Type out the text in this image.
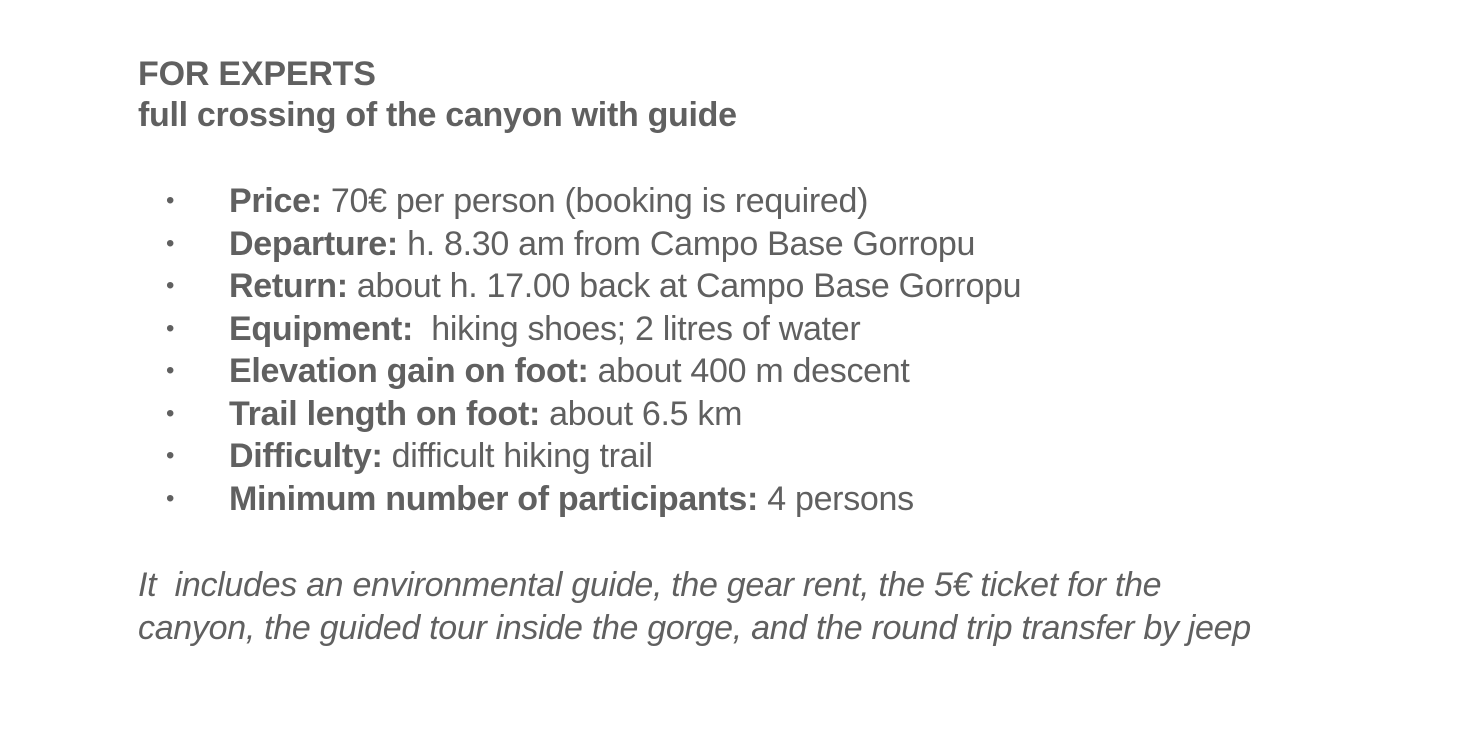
FOR EXPERTS
full crossing of the canyon with guide
• Price: 70€ per person (booking is required)
• Departure: h. 8.30 am from Campo Base Gorropu
• Return: about h. 17.00 back at Campo Base Gorropu
• Equipment:  hiking shoes; 2 litres of water
• Elevation gain on foot: about 400 m descent
• Trail length on foot: about 6.5 km
• Difficulty: difficult hiking trail
• Minimum number of participants: 4 persons

It  includes an environmental guide, the gear rent, the 5€ ticket for the
canyon, the guided tour inside the gorge, and the round trip transfer by jeep
